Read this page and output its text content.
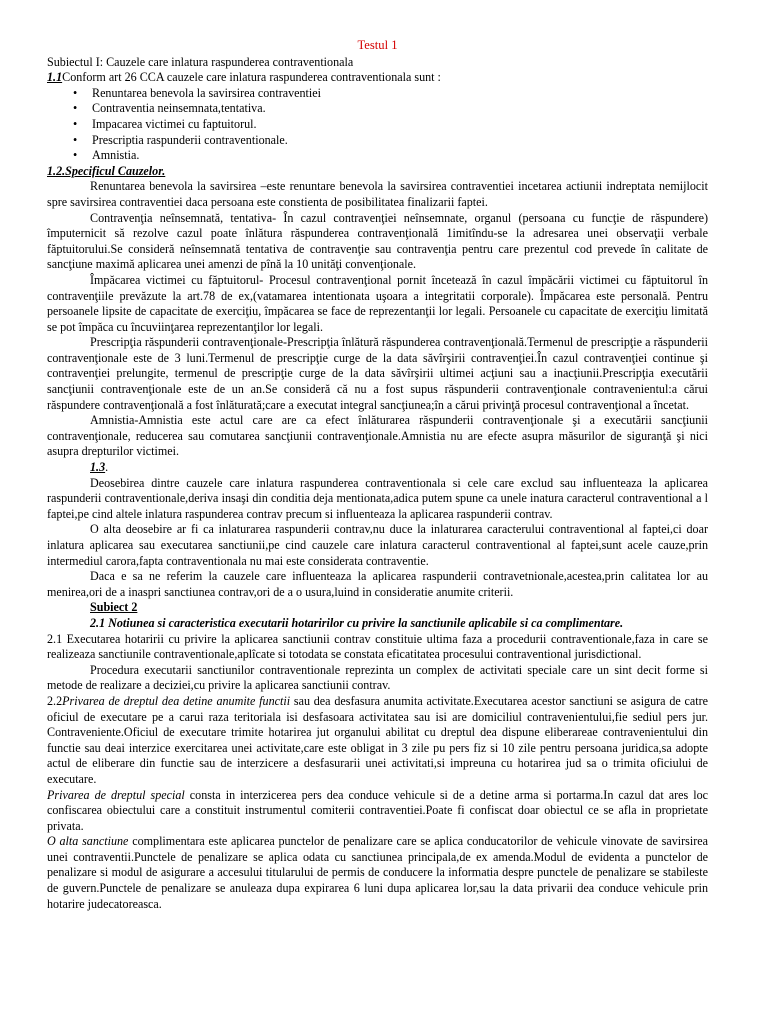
Testul 1

Subiectul I: Cauzele care inlatura raspunderea contraventionala

1.1Conform art 26 CCA cauzele care inlatura raspunderea contraventionala sunt :

• Renuntarea benevola la savirsirea contraventiei
• Contraventia neinsemnata,tentativa.
• Impacarea victimei cu faptuitorul.
• Prescriptia raspunderii contraventionale.
• Amnistia.

1.2.Specificul Cauzelor.

Renuntarea benevola la savirsirea –este renuntare benevola la savirsirea contraventiei incetarea actiunii indreptata nemijlocit spre savirsirea contraventiei daca persoana este constienta de posibilitatea finalizarii faptei.

Contravenţia neînsemnată, tentativa- În cazul contravenţiei neînsemnate, organul (persoana cu funcţie de răspundere) împuternicit să rezolve cazul poate înlătura răspunderea contravenţională 1imitîndu-se la adresarea unei observaţii verbale făptuitorului.Se consideră neînsemnată tentativa de contravenţie sau contravenţia pentru care prezentul cod prevede în calitate de sancţiune maximă aplicarea unei amenzi de pînă la 10 unităţi convenţionale.

Împăcarea victimei cu făptuitorul- Procesul contravenţional pornit încetează în cazul împăcării victimei cu făptuitorul în contravenţiile prevăzute la art.78 de ex,(vatamarea intentionata uşoara a integritatii corporale). Împăcarea este personală. Pentru persoanele lipsite de capacitate de exerciţiu, împăcarea se face de reprezentanţii lor legali. Persoanele cu capacitate de exerciţiu limitată se pot împăca cu încuviinţarea reprezentanţilor lor legali.

Prescripţia răspunderii contravenţionale-Prescripţia înlătură răspunderea contravenţională.Termenul de prescripţie a răspunderii contravenţionale este de 3 luni.Termenul de prescripţie curge de la data săvîrşirii contravenţiei.În cazul contravenţiei continue şi contravenţiei prelungite, termenul de prescripţie curge de la data săvîrşirii ultimei acţiuni sau a inacţiunii.Prescripţia executării sancţiunii contravenţionale este de un an.Se consideră că nu a fost supus răspunderii contravenţionale contravenientul:a cărui răspundere contravenţională a fost înlăturată;care a executat integral sancţiunea;în a cărui privinţă procesul contravenţional a încetat.

Amnistia-Amnistia este actul care are ca efect înlăturarea răspunderii contravenţionale şi a executării sancţiunii contravenţionale, reducerea sau comutarea sancţiunii contravenţionale.Amnistia nu are efecte asupra măsurilor de siguranţă şi nici asupra drepturilor victimei.

1.3.

Deosebirea dintre cauzele care inlatura raspunderea contraventionala si cele care exclud sau influenteaza la aplicarea raspunderii contraventionale,deriva insaşi din conditia deja mentionata,adica putem spune ca unele inatura caracterul contraventional a l faptei,pe cind altele inlatura raspunderea contrav precum si influenteaza la aplicarea raspunderii contrav.

O alta deosebire ar fi ca inlaturarea raspunderii contrav,nu duce la inlaturarea caracterului contraventional al faptei,ci doar inlatura aplicarea sau executarea sanctiunii,pe cind cauzele care inlatura caracterul contraventional al faptei,sunt acele cauze,prin intermediul carora,fapta contraventionala nu mai este considerata contraventie.

Daca e sa ne referim la cauzele care influenteaza la aplicarea raspunderii contravetnionale,acestea,prin calitatea lor au menirea,ori de a inaspri sanctiunea contrav,ori de a o usura,luind in consideratie anumite criterii.

Subiect 2

2.1 Notiunea si caracteristica executarii hotaririlor cu privire la sanctiunile aplicabile si ca complimentare.

2.1 Executarea hotaririi cu privire la aplicarea sanctiunii contrav constituie ultima faza a procedurii contraventionale,faza in care se realizeaza sanctiunile contraventionale,aplîcate si totodata se constata eficatitatea procesului contraventional jurisdictional.

Procedura executarii sanctiunilor contraventionale reprezinta un complex de activitati speciale care un sint decit forme si metode de realizare a deciziei,cu privire la aplicarea sanctiunii contrav.

2.2Privarea de dreptul dea detine anumite functii sau dea desfasura anumita activitate.Executarea acestor sanctiuni se asigura de catre oficiul de executare pe a carui raza teritoriala isi desfasoara activitatea sau isi are domiciliul contravenientului,fie sediul pers jur. Contraveniente.Oficiul de executare trimite hotarirea jut organului abilitat cu dreptul dea dispune eliberareae contravenientului din functie sau deai interzice exercitarea unei activitate,care este obligat in 3 zile pu pers fiz si 10 zile pentru persoana juridica,sa adopte actul de eliberare din functie sau de interzicere a desfasurarii unei activitati,si impreuna cu hotarirea jud sa o trimita oficiului de executare.

Privarea de dreptul special consta in interzicerea pers dea conduce vehicule si de a detine arma si portarma.In cazul dat ares loc confiscarea obiectului care a constituit instrumentul comiterii contraventiei.Poate fi confiscat doar obiectul ce se afla in proprietate privata.

O alta sanctiune complimentara este aplicarea punctelor de penalizare care se aplica conducatorilor de vehicule vinovate de savirsirea unei contraventii.Punctele de penalizare se aplica odata cu sanctiunea principala,de ex amenda.Modul de evidenta a punctelor de penalizare si modul de asigurare a accesului titularului de permis de conducere la informatia despre punctele de penalizare se stabileste de guvern.Punctele de penalizare se anuleaza dupa expirarea 6 luni dupa aplicarea lor,sau la data privarii dea conduce vehicule prin hotarire judecatoreasca.
